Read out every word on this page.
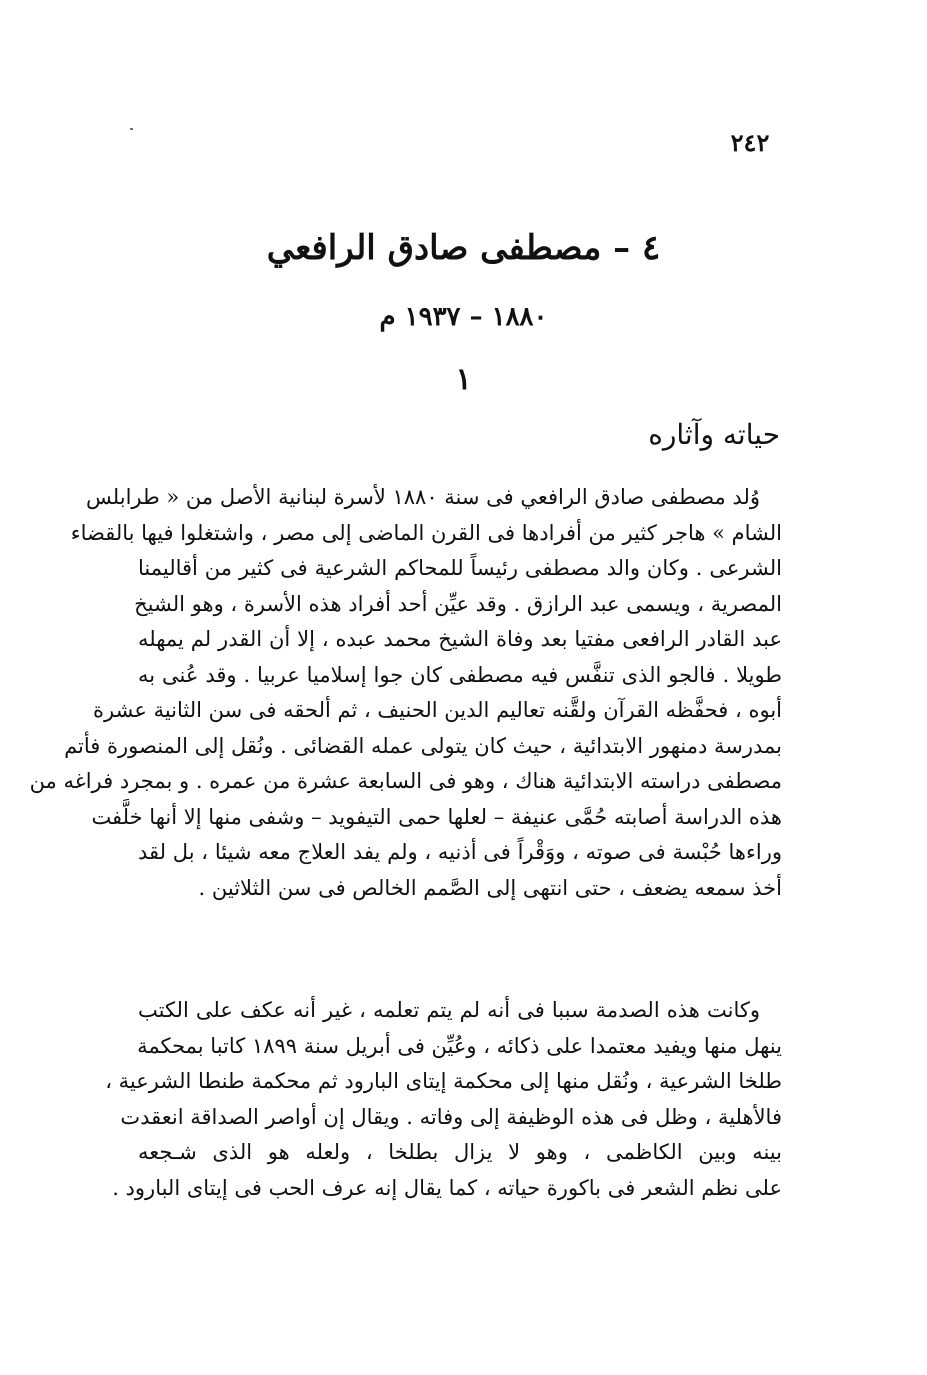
٢٤٢
٤ – مصطفى صادق الرافعي
١٨٨٠ – ١٩٣٧ م
١
حياته وآثاره
وُلد مصطفى صادق الرافعي فى سنة ١٨٨٠ لأسرة لبنانية الأصل من « طرابلس
الشام » هاجر كثير من أفرادها فى القرن الماضى إلى مصر ، واشتغلوا فيها بالقضاء
الشرعى . وكان والد مصطفى رئيساً للمحاكم الشرعية فى كثير من أقاليمنا
المصرية ، ويسمى عبد الرازق . وقد عيِّن أحد أفراد هذه الأسرة ، وهو الشيخ
عبد القادر الرافعى مفتيا بعد وفاة الشيخ محمد عبده ، إلا أن القدر لم يمهله
طويلا . فالجو الذى تنفَّس فيه مصطفى كان جوا إسلاميا عربيا . وقد عُنى به
أبوه ، فحفَّظه القرآن ولقَّنه تعاليم الدين الحنيف ، ثم ألحقه فى سن الثانية عشرة
بمدرسة دمنهور الابتدائية ، حيث كان يتولى عمله القضائى . ونُقل إلى المنصورة فأتم
مصطفى دراسته الابتدائية هناك ، وهو فى السابعة عشرة من عمره . و بمجرد فراغه من
هذه الدراسة أصابته حُمَّى عنيفة – لعلها حمى التيفويد – وشفى منها إلا أنها خلَّفت
وراءها حُبْسة فى صوته ، ووَقْراً فى أذنيه ، ولم يفد العلاج معه شيئا ، بل لقد
أخذ سمعه يضعف ، حتى انتهى إلى الصَّمم الخالص فى سن الثلاثين .
وكانت هذه الصدمة سببا فى أنه لم يتم تعلمه ، غير أنه عكف على الكتب
ينهل منها ويفيد معتمدا على ذكائه ، وعُيِّن فى أبريل سنة ١٨٩٩ كاتبا بمحكمة
طلخا الشرعية ، ونُقل منها إلى محكمة إيتاى البارود ثم محكمة طنطا الشرعية ،
فالأهلية ، وظل فى هذه الوظيفة إلى وفاته . ويقال إن أواصر الصداقة انعقدت
بينه وبين الكاظمى ، وهو لا يزال بطلخا ، ولعله هو الذى شـجعه
على نظم الشعر فى باكورة حياته ، كما يقال إنه عرف الحب فى إيتاى البارود .
